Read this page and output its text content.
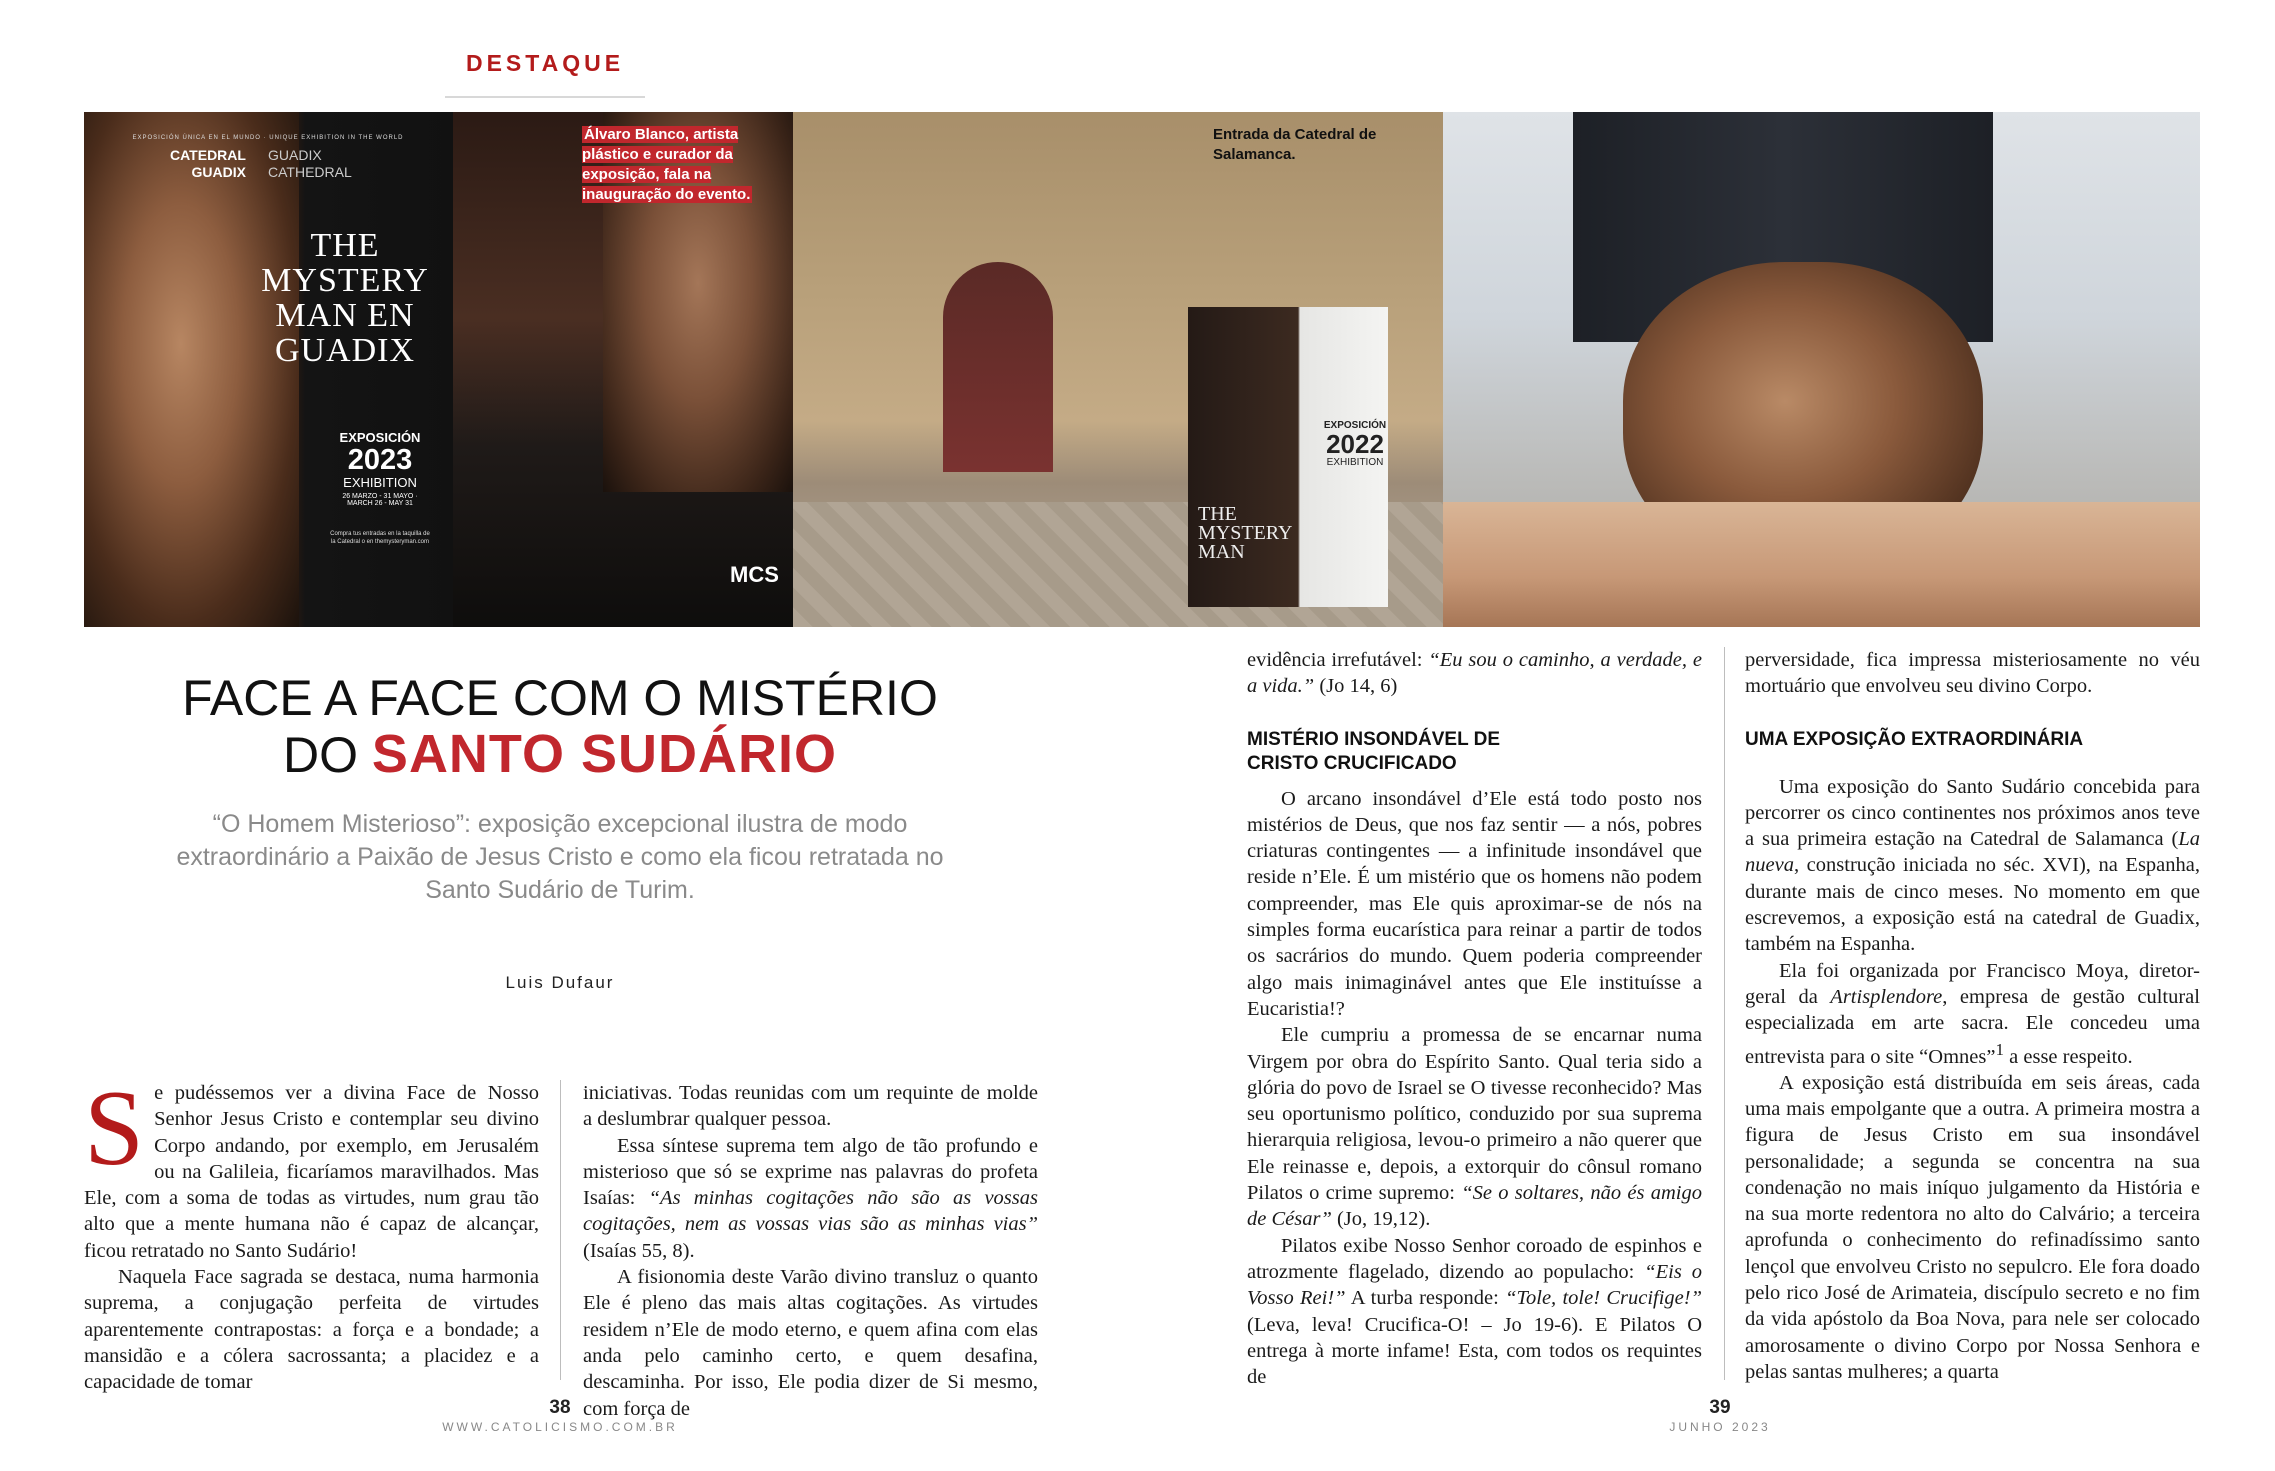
DESTAQUE
EXPOSICIÓN ÚNICA EN EL MUNDO · UNIQUE EXHIBITION IN THE WORLD
CATEDRAL
GUADIX
GUADIX
CATHEDRAL
THE MYSTERY MAN EN GUADIX
EXPOSICIÓN
2023
EXHIBITION
26 MARZO - 31 MAYO · MARCH 26 - MAY 31
Compra tus entradas en la taquilla de la Catedral o en themysteryman.com
Álvaro Blanco, artista plástico e curador da exposição, fala na inauguração do evento.
MCS
Entrada da Catedral de Salamanca.
EXPOSICIÓN
2022
EXHIBITION
THE MYSTERY MAN
FACE A FACE COM O MISTÉRIO
DO SANTO SUDÁRIO
“O Homem Misterioso”: exposição excepcional ilustra de modo extraordinário a Paixão de Jesus Cristo e como ela ficou retratada no Santo Sudário de Turim.
Luis Dufaur
S e pudéssemos ver a divina Face de Nosso Senhor Jesus Cristo e contemplar seu divino Corpo andando, por exemplo, em Jerusalém ou na Galileia, ficaríamos maravilhados. Mas Ele, com a soma de todas as virtudes, num grau tão alto que a mente humana não é capaz de alcançar, ficou retratado no Santo Sudário!

Naquela Face sagrada se destaca, numa harmonia suprema, a conjugação perfeita de virtudes aparentemente contrapostas: a força e a bondade; a mansidão e a cólera sacrossanta; a placidez e a capacidade de tomar

iniciativas. Todas reunidas com um requinte de molde a deslumbrar qualquer pessoa.

Essa síntese suprema tem algo de tão profundo e misterioso que só se exprime nas palavras do profeta Isaías: “As minhas cogitações não são as vossas cogitações, nem as vossas vias são as minhas vias” (Isaías 55, 8).

A fisionomia deste Varão divino transluz o quanto Ele é pleno das mais altas cogitações. As virtudes residem n’Ele de modo eterno, e quem afina com elas anda pelo caminho certo, e quem desafina, descaminha. Por isso, Ele podia dizer de Si mesmo, com força de

evidência irrefutável: “Eu sou o caminho, a verdade, e a vida.” (Jo 14, 6)

MISTÉRIO INSONDÁVEL DE CRISTO CRUCIFICADO

O arcano insondável d’Ele está todo posto nos mistérios de Deus, que nos faz sentir — a nós, pobres criaturas contingentes — a infinitude insondável que reside n’Ele. É um mistério que os homens não podem compreender, mas Ele quis aproximar-se de nós na simples forma eucarística para reinar a partir de todos os sacrários do mundo. Quem poderia compreender algo mais inimaginável antes que Ele instituísse a Eucaristia!?

Ele cumpriu a promessa de se encarnar numa Virgem por obra do Espírito Santo. Qual teria sido a glória do povo de Israel se O tivesse reconhecido? Mas seu oportunismo político, conduzido por sua suprema hierarquia religiosa, levou-o primeiro a não querer que Ele reinasse e, depois, a extorquir do cônsul romano Pilatos o crime supremo: “Se o soltares, não és amigo de César” (Jo, 19,12).

Pilatos exibe Nosso Senhor coroado de espinhos e atrozmente flagelado, dizendo ao populacho: “Eis o Vosso Rei!” A turba responde: “Tole, tole! Crucifige!” (Leva, leva! Crucifica-O! – Jo 19-6). E Pilatos O entrega à morte infame! Esta, com todos os requintes de

perversidade, fica impressa misteriosamente no véu mortuário que envolveu seu divino Corpo.

UMA EXPOSIÇÃO EXTRAORDINÁRIA

Uma exposição do Santo Sudário concebida para percorrer os cinco continentes nos próximos anos teve a sua primeira estação na Catedral de Salamanca (La nueva, construção iniciada no séc. XVI), na Espanha, durante mais de cinco meses. No momento em que escrevemos, a exposição está na catedral de Guadix, também na Espanha.

Ela foi organizada por Francisco Moya, diretor-geral da Artisplendore, empresa de gestão cultural especializada em arte sacra. Ele concedeu uma entrevista para o site “Omnes”$^1$ a esse respeito.

A exposição está distribuída em seis áreas, cada uma mais empolgante que a outra. A primeira mostra a figura de Jesus Cristo em sua insondável personalidade; a segunda se concentra na sua condenação no mais iníquo julgamento da História e na sua morte redentora no alto do Calvário; a terceira aprofunda o conhecimento do refinadíssimo santo lençol que envolveu Cristo no sepulcro. Ele fora doado pelo rico José de Arimateia, discípulo secreto e no fim da vida apóstolo da Boa Nova, para nele ser colocado amorosamente o divino Corpo por Nossa Senhora e pelas santas mulheres; a quarta

38
WWW.CATOLICISMO.COM.BR
39
JUNHO 2023
